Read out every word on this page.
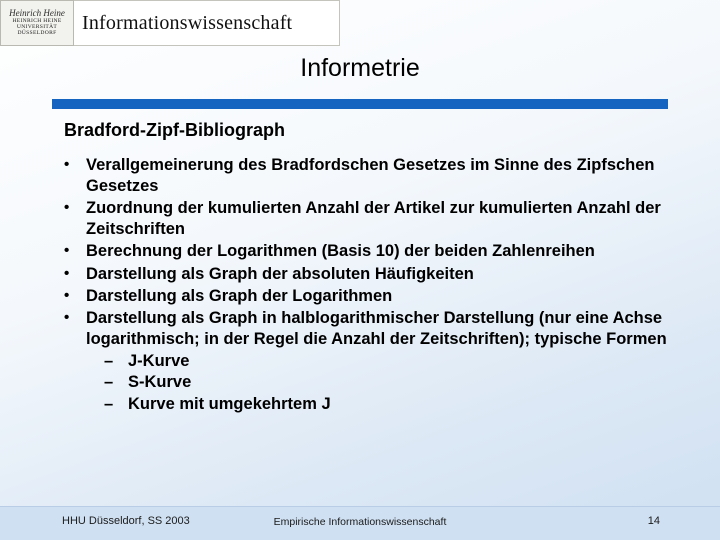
Heinrich Heine
HEINRICH HEINE
UNIVERSITÄT
DÜSSELDORF Informationswissenschaft
Informetrie
Bradford-Zipf-Bibliograph
•	Verallgemeinerung des Bradfordschen Gesetzes im Sinne des Zipfschen Gesetzes
•	Zuordnung der kumulierten Anzahl der Artikel zur kumulierten Anzahl der Zeitschriften
•	Berechnung der Logarithmen (Basis 10) der beiden Zahlenreihen
•	Darstellung als Graph der absoluten Häufigkeiten
•	Darstellung als Graph der Logarithmen
•	Darstellung als Graph in halblogarithmischer Darstellung (nur eine Achse logarithmisch; in der Regel die Anzahl der Zeitschriften); typische Formen
– J-Kurve
– S-Kurve
– Kurve mit umgekehrtem J
HHU Düsseldorf, SS 2003	Empirische Informationswissenschaft	14
